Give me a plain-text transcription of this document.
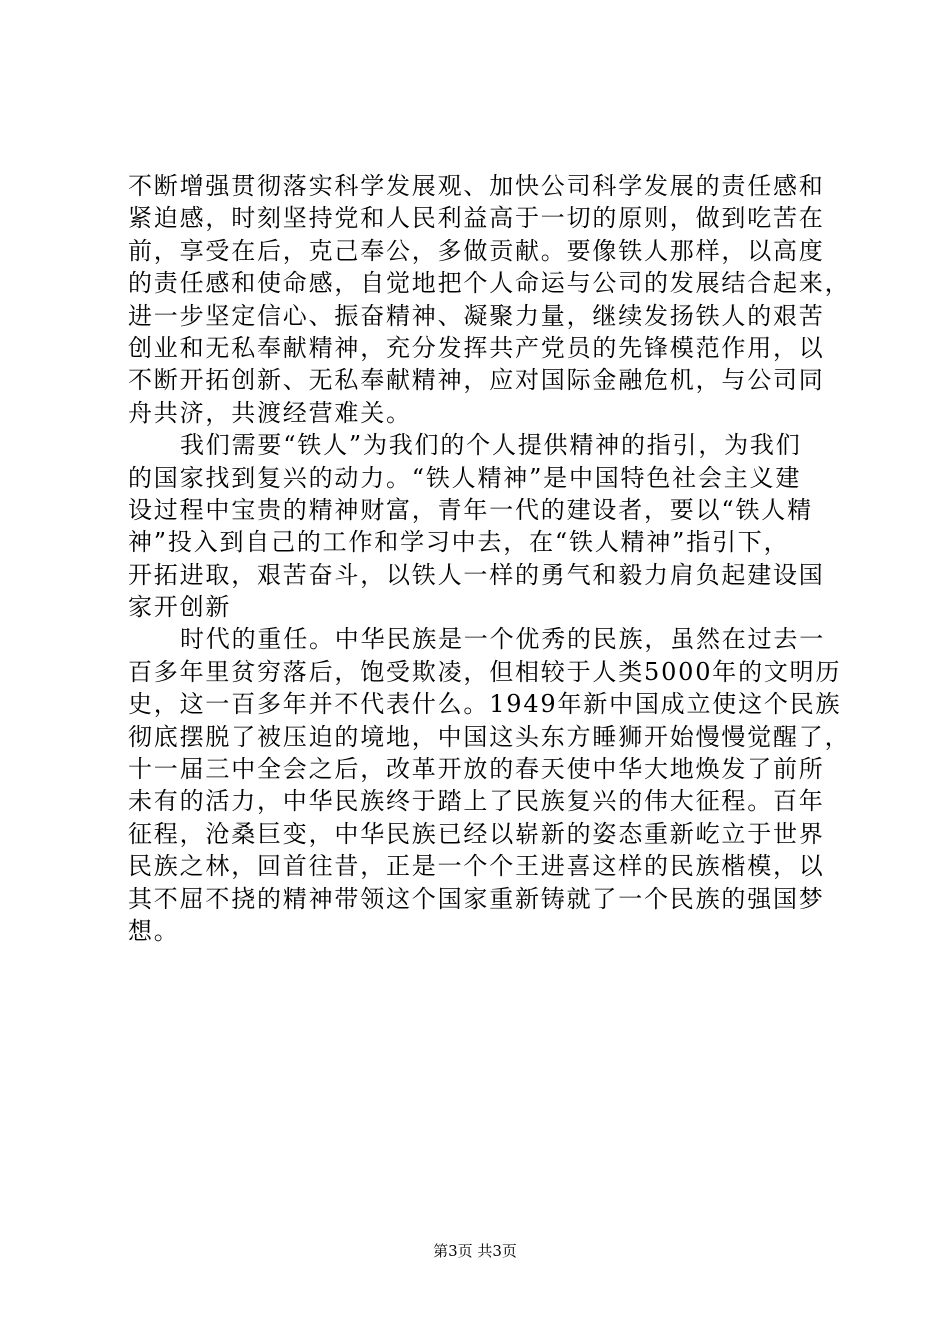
不断增强贯彻落实科学发展观、加快公司科学发展的责任感和
紧迫感，时刻坚持党和人民利益高于一切的原则，做到吃苦在
前，享受在后，克己奉公，多做贡献。要像铁人那样，以高度
的责任感和使命感，自觉地把个人命运与公司的发展结合起来，
进一步坚定信心、振奋精神、凝聚力量，继续发扬铁人的艰苦
创业和无私奉献精神，充分发挥共产党员的先锋模范作用，以
不断开拓创新、无私奉献精神，应对国际金融危机，与公司同
舟共济，共渡经营难关。
我们需要“铁人”为我们的个人提供精神的指引，为我们
的国家找到复兴的动力。“铁人精神”是中国特色社会主义建
设过程中宝贵的精神财富，青年一代的建设者，要以“铁人精
神”投入到自己的工作和学习中去，在“铁人精神”指引下，
开拓进取，艰苦奋斗，以铁人一样的勇气和毅力肩负起建设国
家开创新
时代的重任。中华民族是一个优秀的民族，虽然在过去一
百多年里贫穷落后，饱受欺凌，但相较于人类5000年的文明历
史，这一百多年并不代表什么。1949年新中国成立使这个民族
彻底摆脱了被压迫的境地，中国这头东方睡狮开始慢慢觉醒了，
十一届三中全会之后，改革开放的春天使中华大地焕发了前所
未有的活力，中华民族终于踏上了民族复兴的伟大征程。百年
征程，沧桑巨变，中华民族已经以崭新的姿态重新屹立于世界
民族之林，回首往昔，正是一个个王进喜这样的民族楷模，以
其不屈不挠的精神带领这个国家重新铸就了一个民族的强国梦
想。
第3页 共3页
